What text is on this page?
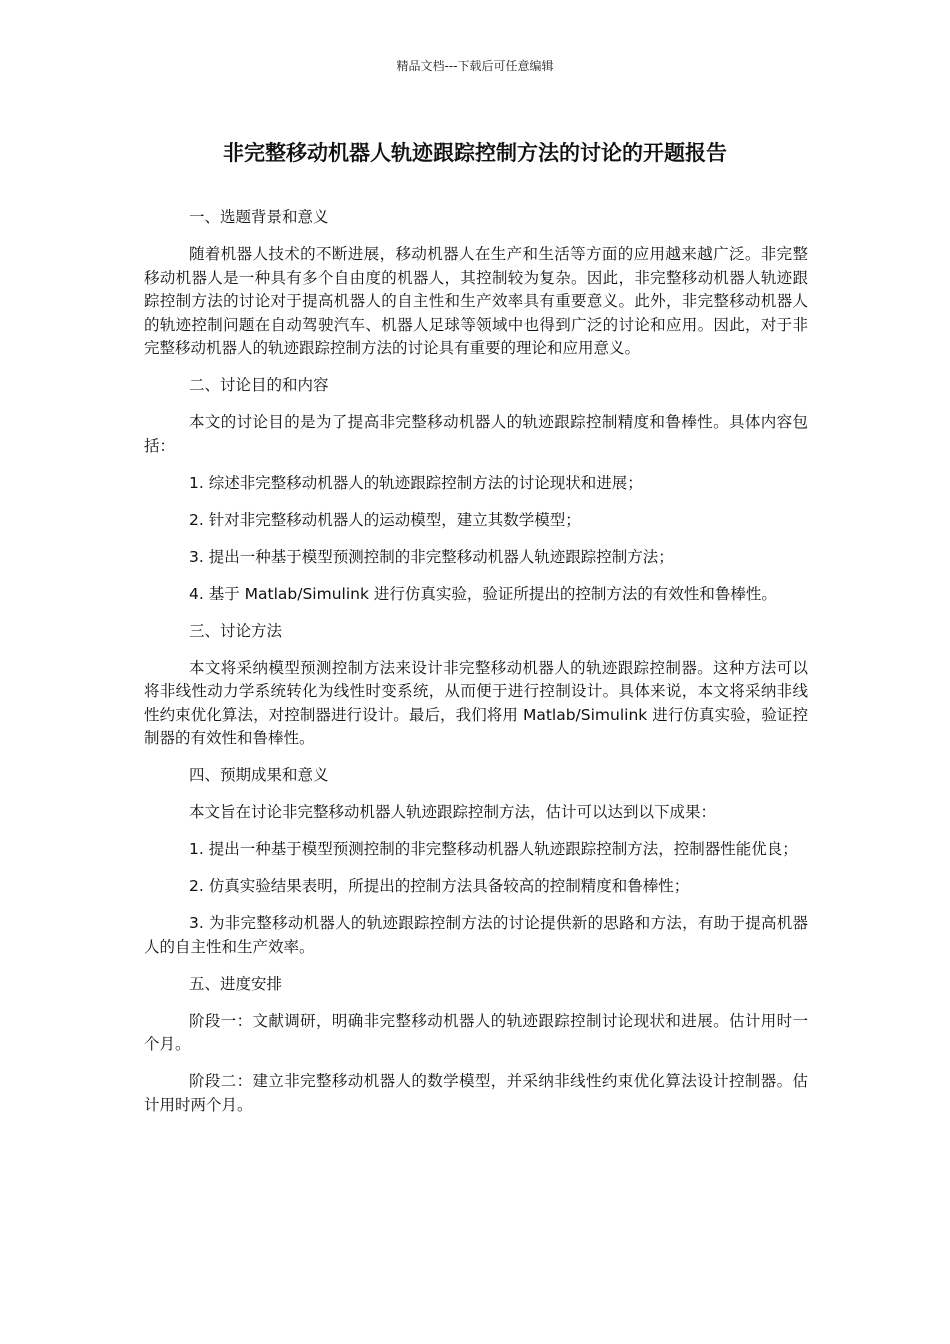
精品文档---下载后可任意编辑
非完整移动机器人轨迹跟踪控制方法的讨论的开题报告

一、选题背景和意义

随着机器人技术的不断进展，移动机器人在生产和生活等方面的应用越来越广泛。非完整移动机器人是一种具有多个自由度的机器人，其控制较为复杂。因此，非完整移动机器人轨迹跟踪控制方法的讨论对于提高机器人的自主性和生产效率具有重要意义。此外，非完整移动机器人的轨迹控制问题在自动驾驶汽车、机器人足球等领域中也得到广泛的讨论和应用。因此，对于非完整移动机器人的轨迹跟踪控制方法的讨论具有重要的理论和应用意义。

二、讨论目的和内容

本文的讨论目的是为了提高非完整移动机器人的轨迹跟踪控制精度和鲁棒性。具体内容包括：

1. 综述非完整移动机器人的轨迹跟踪控制方法的讨论现状和进展；

2. 针对非完整移动机器人的运动模型，建立其数学模型；

3. 提出一种基于模型预测控制的非完整移动机器人轨迹跟踪控制方法；

4. 基于 Matlab/Simulink 进行仿真实验，验证所提出的控制方法的有效性和鲁棒性。

三、讨论方法

本文将采纳模型预测控制方法来设计非完整移动机器人的轨迹跟踪控制器。这种方法可以将非线性动力学系统转化为线性时变系统，从而便于进行控制设计。具体来说，本文将采纳非线性约束优化算法，对控制器进行设计。最后，我们将用 Matlab/Simulink 进行仿真实验，验证控制器的有效性和鲁棒性。

四、预期成果和意义

本文旨在讨论非完整移动机器人轨迹跟踪控制方法，估计可以达到以下成果：

1. 提出一种基于模型预测控制的非完整移动机器人轨迹跟踪控制方法，控制器性能优良；

2. 仿真实验结果表明，所提出的控制方法具备较高的控制精度和鲁棒性；

3. 为非完整移动机器人的轨迹跟踪控制方法的讨论提供新的思路和方法，有助于提高机器人的自主性和生产效率。

五、进度安排

阶段一：文献调研，明确非完整移动机器人的轨迹跟踪控制讨论现状和进展。估计用时一个月。

阶段二：建立非完整移动机器人的数学模型，并采纳非线性约束优化算法设计控制器。估计用时两个月。
